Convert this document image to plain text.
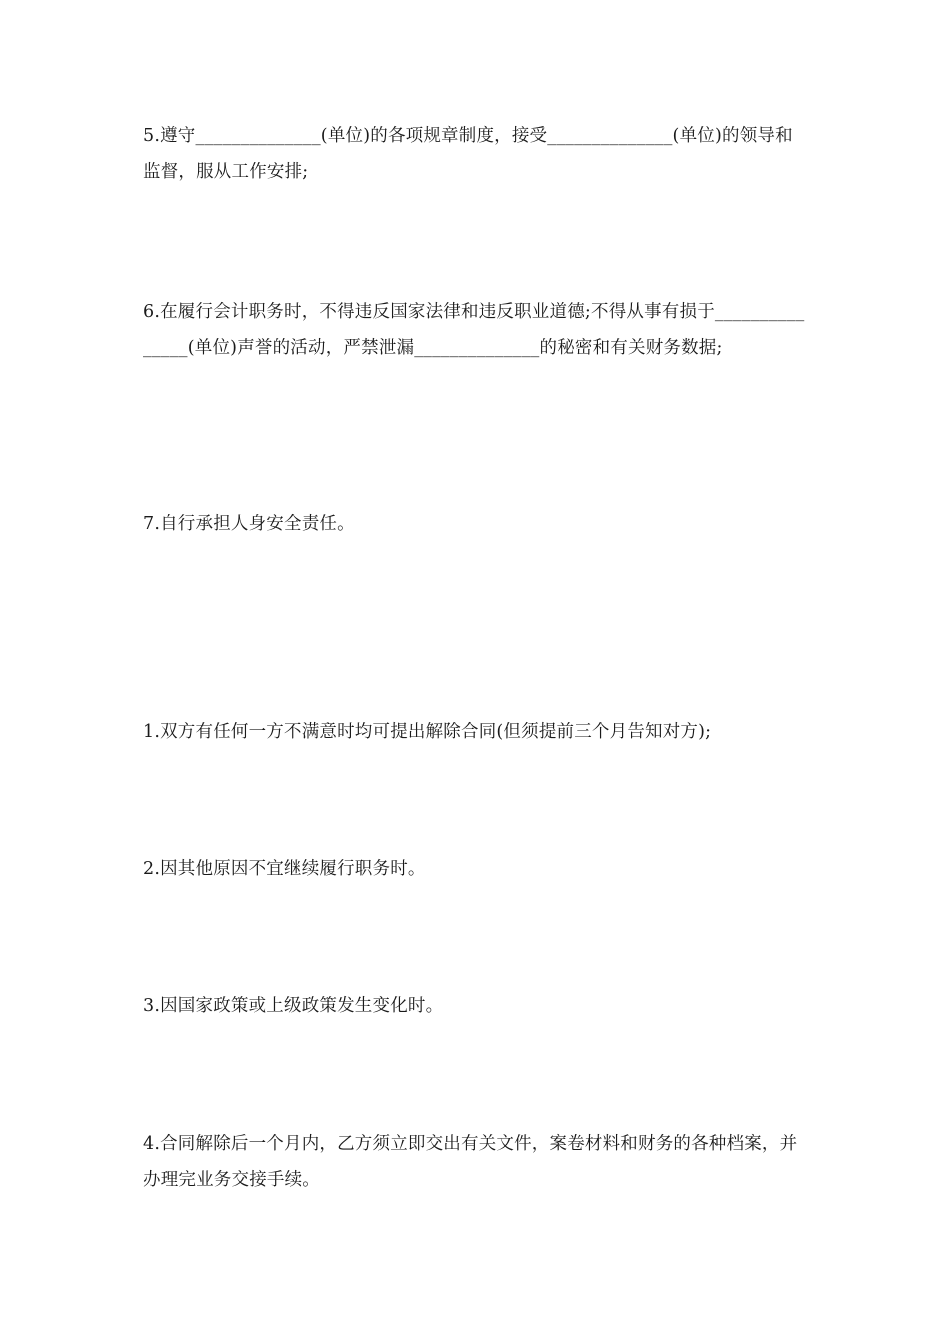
5.遵守______________(单位)的各项规章制度，接受______________(单位)的领导和监督，服从工作安排;

6.在履行会计职务时，不得违反国家法律和违反职业道德;不得从事有损于_______________(单位)声誉的活动，严禁泄漏______________的秘密和有关财务数据;

7.自行承担人身安全责任。

1.双方有任何一方不满意时均可提出解除合同(但须提前三个月告知对方);

2.因其他原因不宜继续履行职务时。

3.因国家政策或上级政策发生变化时。

4.合同解除后一个月内，乙方须立即交出有关文件，案卷材料和财务的各种档案，并办理完业务交接手续。
